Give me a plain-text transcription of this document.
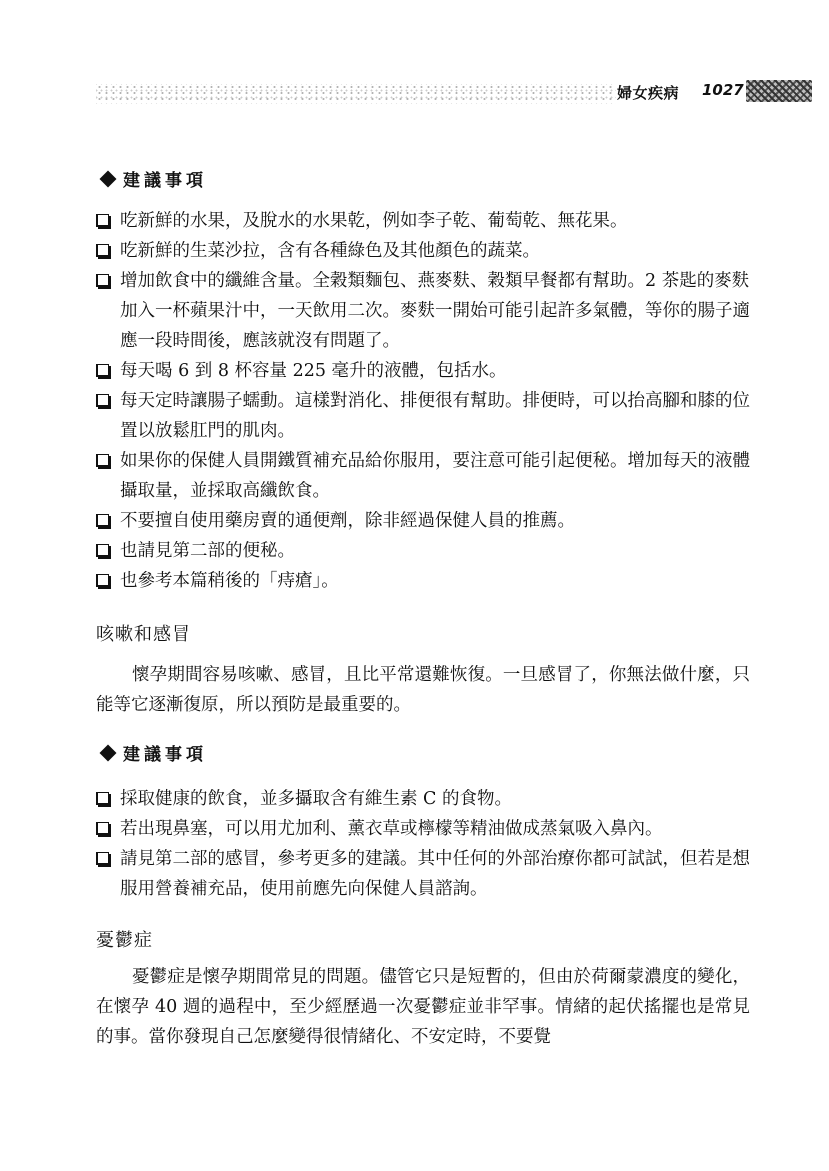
婦女疾病 1027
建議事項
吃新鮮的水果，及脫水的水果乾，例如李子乾、葡萄乾、無花果。
吃新鮮的生菜沙拉，含有各種綠色及其他顏色的蔬菜。
增加飲食中的纖維含量。全穀類麵包、燕麥麩、穀類早餐都有幫助。2 茶匙的麥麩加入一杯蘋果汁中，一天飲用二次。麥麩一開始可能引起許多氣體，等你的腸子適應一段時間後，應該就沒有問題了。
每天喝 6 到 8 杯容量 225 毫升的液體，包括水。
每天定時讓腸子蠕動。這樣對消化、排便很有幫助。排便時，可以抬高腳和膝的位置以放鬆肛門的肌肉。
如果你的保健人員開鐵質補充品給你服用，要注意可能引起便秘。增加每天的液體攝取量，並採取高纖飲食。
不要擅自使用藥房賣的通便劑，除非經過保健人員的推薦。
也請見第二部的便秘。
也參考本篇稍後的「痔瘡」。
咳嗽和感冒

懷孕期間容易咳嗽、感冒，且比平常還難恢復。一旦感冒了，你無法做什麼，只能等它逐漸復原，所以預防是最重要的。

建議事項
採取健康的飲食，並多攝取含有維生素 C 的食物。
若出現鼻塞，可以用尤加利、薰衣草或檸檬等精油做成蒸氣吸入鼻內。
請見第二部的感冒，參考更多的建議。其中任何的外部治療你都可試試，但若是想服用營養補充品，使用前應先向保健人員諮詢。
憂鬱症

憂鬱症是懷孕期間常見的問題。儘管它只是短暫的，但由於荷爾蒙濃度的變化，在懷孕 40 週的過程中，至少經歷過一次憂鬱症並非罕事。情緒的起伏搖擺也是常見的事。當你發現自己怎麼變得很情緒化、不安定時，不要覺
